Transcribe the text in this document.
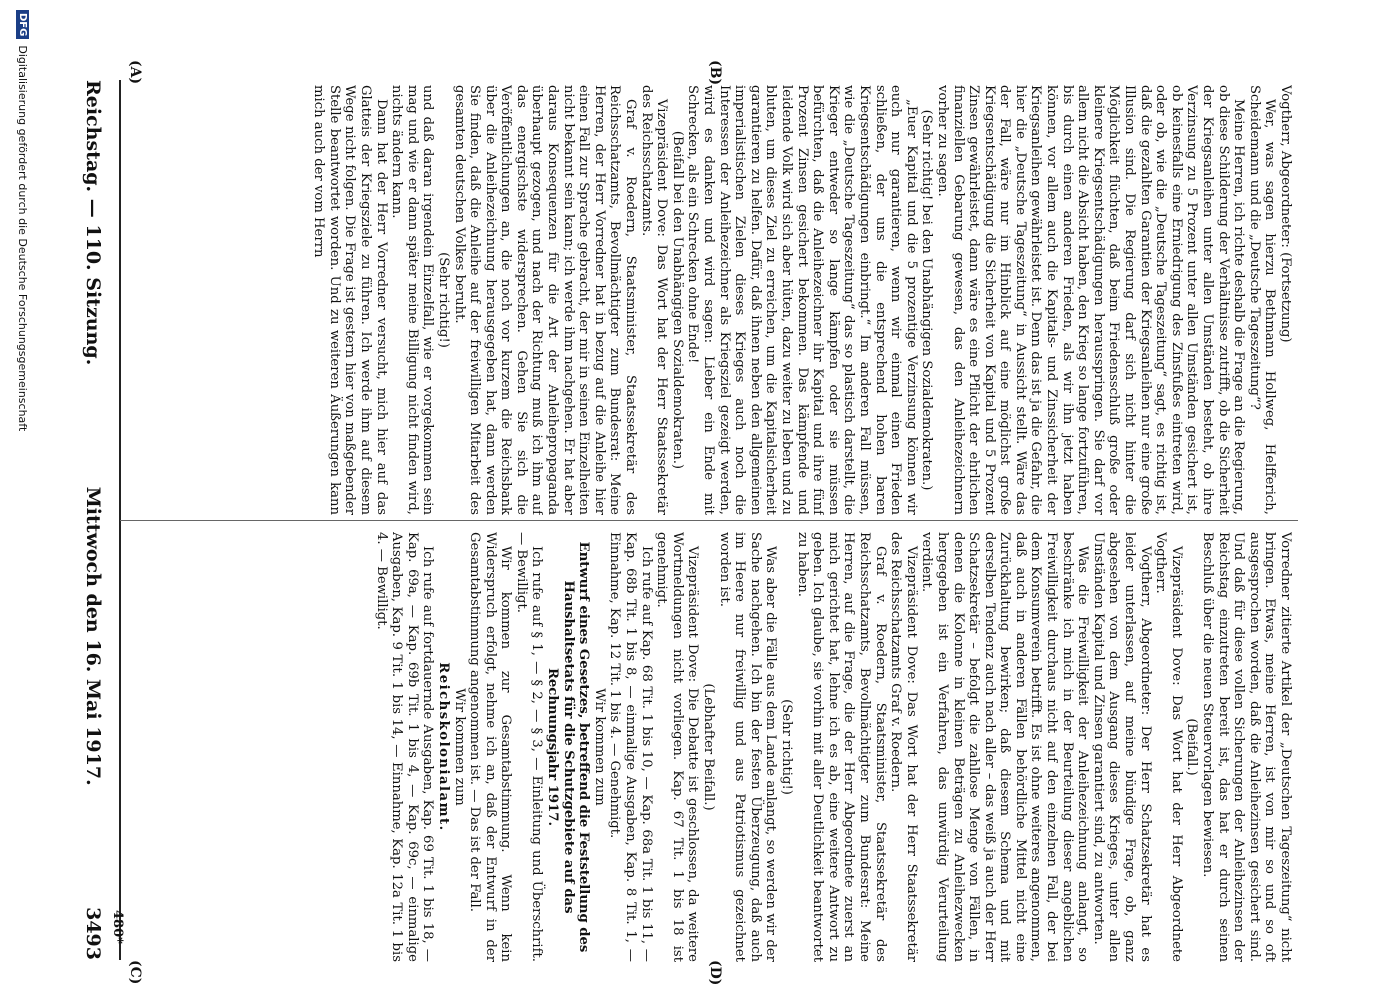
Reichstag. — 110. Sitzung.
Mittwoch den 16. Mai 1917.
3493
(A)	(B)
(C)	(D)

Vogtherr, Abgeordneter: (Fortsetzung)

Wer, was sagen hierzu Bethmann Hollweg, Helfferich, Scheidemann und die „Deutsche Tageszeitung“?

Meine Herren, ich richte deshalb die Frage an die Regierung, ob diese Schilderung der Verhältnisse zutrifft, ob die Sicherheit der Kriegsanleihen unter allen Umständen besteht, ob ihre Verzinsung zu 5 Prozent unter allen Umständen gesichert ist, ob keinesfalls eine Erniedrigung des Zinsfußes eintreten wird, oder ob, wie die „Deutsche Tageszeitung“ sagt, es richtig ist, daß die gezahlten Garantien der Kriegsanleihen nur eine große Illusion sind. Die Regierung darf sich nicht hinter die Möglichkeit flüchten, daß beim Friedensschluß große oder kleinere Kriegsentschädigungen herausspringen. Sie darf vor allem nicht die Absicht haben, den Krieg so lange fortzuführen, bis durch einen anderen Frieden, als wir ihn jetzt haben können, vor allem auch die Kapitals- und Zinssicherheit der Kriegsanleihen gewährleistet ist. Denn das ist ja die Gefahr, die hier die „Deutsche Tageszeitung“ in Aussicht stellt. Wäre das der Fall, wäre nur im Hinblick auf eine möglichst große Kriegsentschädigung die Sicherheit von Kapital und 5 Prozent Zinsen gewährleistet, dann wäre es eine Pflicht der ehrlichen finanziellen Gebarung gewesen, das den Anleihezeichnern vorher zu sagen.

(Sehr richtig! bei den Unabhängigen Sozialdemokraten.)

„Euer Kapital und die 5 prozentige Verzinsung können wir euch nur garantieren, wenn wir einmal einen Frieden schließen, der uns die entsprechend hohen baren Kriegsentschädigungen einbringt.“ Im anderen Fall müssen, wie die „Deutsche Tageszeitung“ das so plastisch darstellt, die Krieger entweder so lange kämpfen oder sie müssen befürchten, daß die Anleihezeichner ihr Kapital und ihre fünf Prozent Zinsen gesichert bekommen. Das kämpfende und leidende Volk wird sich aber hüten, dazu weiter zu leben und zu bluten, um dieses Ziel zu erreichen, um die Kapitalsicherheit garantieren zu helfen. Dafür, daß ihnen neben den allgemeinen imperialistischen Zielen dieses Krieges auch noch die Interessen der Anleihezeichner als Kriegsziel gezeigt werden, wird es danken und wird sagen: Lieber ein Ende mit Schrecken, als ein Schrecken ohne Ende!

(Beifall bei den Unabhängigen Sozialdemokraten.)

Vizepräsident Dove: Das Wort hat der Herr Staatssekretär des Reichsschatzamts.

Graf v. Roedern, Staatsminister, Staatssekretär des Reichsschatzamts, Bevollmächtigter zum Bundesrat: Meine Herren, der Herr Vorredner hat in bezug auf die Anleihe hier einen Fall zur Sprache gebracht, der mir in seinen Einzelheiten nicht bekannt sein kann; ich werde ihm nachgehen. Er hat aber daraus Konsequenzen für die Art der Anleihepropaganda überhaupt gezogen, und nach der Richtung muß ich ihm auf das energischste widersprechen. Gehen Sie sich die Veröffentlichungen an, die noch vor kurzem die Reichsbank über die Anleihezeichnung herausgegeben hat, dann werden Sie finden, daß die Anleihe auf der freiwilligen Mitarbeit des gesamten deutschen Volkes beruht.

(Sehr richtig!)

und daß daran irgendein Einzelfall, wie er vorgekommen sein mag und wie er dann später meine Billigung nicht finden wird, nichts ändern kann.

Dann hat der Herr Vorredner versucht, mich hier auf das Glatteis der Kriegsziele zu führen. Ich werde ihm auf diesem Wege nicht folgen. Die Frage ist gestern hier von maßgebender Stelle beantwortet worden. Und zu weiteren Äußerungen kann mich auch der vom Herrn

Vorredner zitierte Artikel der „Deutschen Tageszeitung“ nicht bringen. Etwas, meine Herren, ist von mir so und so oft ausgesprochen worden, daß die Anleihezinsen gesichert sind. Und daß für diese vollen Sicherungen der Anleihezinsen der Reichstag einzutreten bereit ist, das hat er durch seinen Beschluß über die neuen Steuervorlagen bewiesen.

(Beifall.)

Vizepräsident Dove: Das Wort hat der Herr Abgeordnete Vogtherr.

Vogtherr, Abgeordneter: Der Herr Schatzsekretär hat es leider unterlassen, auf meine bündige Frage, ob, ganz abgesehen von dem Ausgang dieses Krieges, unter allen Umständen Kapital und Zinsen garantiert sind, zu antworten.

Was die Freiwilligkeit der Anleihezeichnung anlangt, so beschränke ich mich in der Beurteilung dieser angeblichen Freiwilligkeit durchaus nicht auf den einzelnen Fall, der bei dem Konsumverein betrifft. Es ist ohne weiteres angenommen, daß auch in anderen Fällen behördliche Mittel nicht eine Zurückhaltung bewirken; daß diesem Schema und mit derselben Tendenz auch nach aller – das weiß ja auch der Herr Schatzsekretär – befolgt die zahllose Menge von Fällen, in denen die Kolonne in kleinen Beträgen zu Anleihezwecken hergegeben ist ein Verfahren, das unwürdig Verurteilung verdient.

Vizepräsident Dove: Das Wort hat der Herr Staatssekretär des Reichsschatzamts Graf v. Roedern.

Graf v. Roedern, Staatsminister, Staatssekretär des Reichsschatzamts, Bevollmächtigter zum Bundesrat: Meine Herren, auf die Frage, die der Herr Abgeordnete zuerst an mich gerichtet hat, lehne ich es ab, eine weitere Antwort zu geben. Ich glaube, sie vorhin mit aller Deutlichkeit beantwortet zu haben.

(Sehr richtig!)

Was aber die Fälle aus dem Lande anlangt, so werden wir der Sache nachgehen. Ich bin der festen Überzeugung, daß auch im Heere nur freiwillig und aus Patriotismus gezeichnet worden ist.

(Lebhafter Beifall.)

Vizepräsident Dove: Die Debatte ist geschlossen, da weitere Wortmeldungen nicht vorliegen. Kap. 67 Tit. 1 bis 18 ist genehmigt.

Ich rufe auf Kap. 68 Tit. 1 bis 10, — Kap. 68a Tit. 1 bis 11, — Kap. 68b Tit. 1 bis 8, — einmalige Ausgaben, Kap. 8 Tit. 1, — Einnahme, Kap. 12 Tit. 1 bis 4. — Genehmigt.

Wir kommen zum

Entwurf eines Gesetzes, betreffend die Feststellung des Haushaltsetats für die Schutzgebiete auf das Rechnungsjahr 1917.

Ich rufe auf § 1, — § 2, — § 3, — Einleitung und Überschrift. — Bewilligt.

Wir kommen zur Gesamtabstimmung. Wenn kein Widerspruch erfolgt, nehme ich an, daß der Entwurf in der Gesamtabstimmung angenommen ist. — Das ist der Fall.

Wir kommen zum

Reichskolonialamt.

Ich rufe auf fortdauernde Ausgaben, Kap. 69 Tit. 1 bis 18, — Kap. 69a, — Kap. 69b Tit. 1 bis 4, — Kap. 69c, — einmalige Ausgaben, Kap. 9 Tit. 1 bis 14, — Einnahme, Kap. 12a Tit. 1 bis 4. — Bewilligt.

480*
DFG
Digitalisierung gefördert durch die Deutsche Forschungsgemeinschaft
